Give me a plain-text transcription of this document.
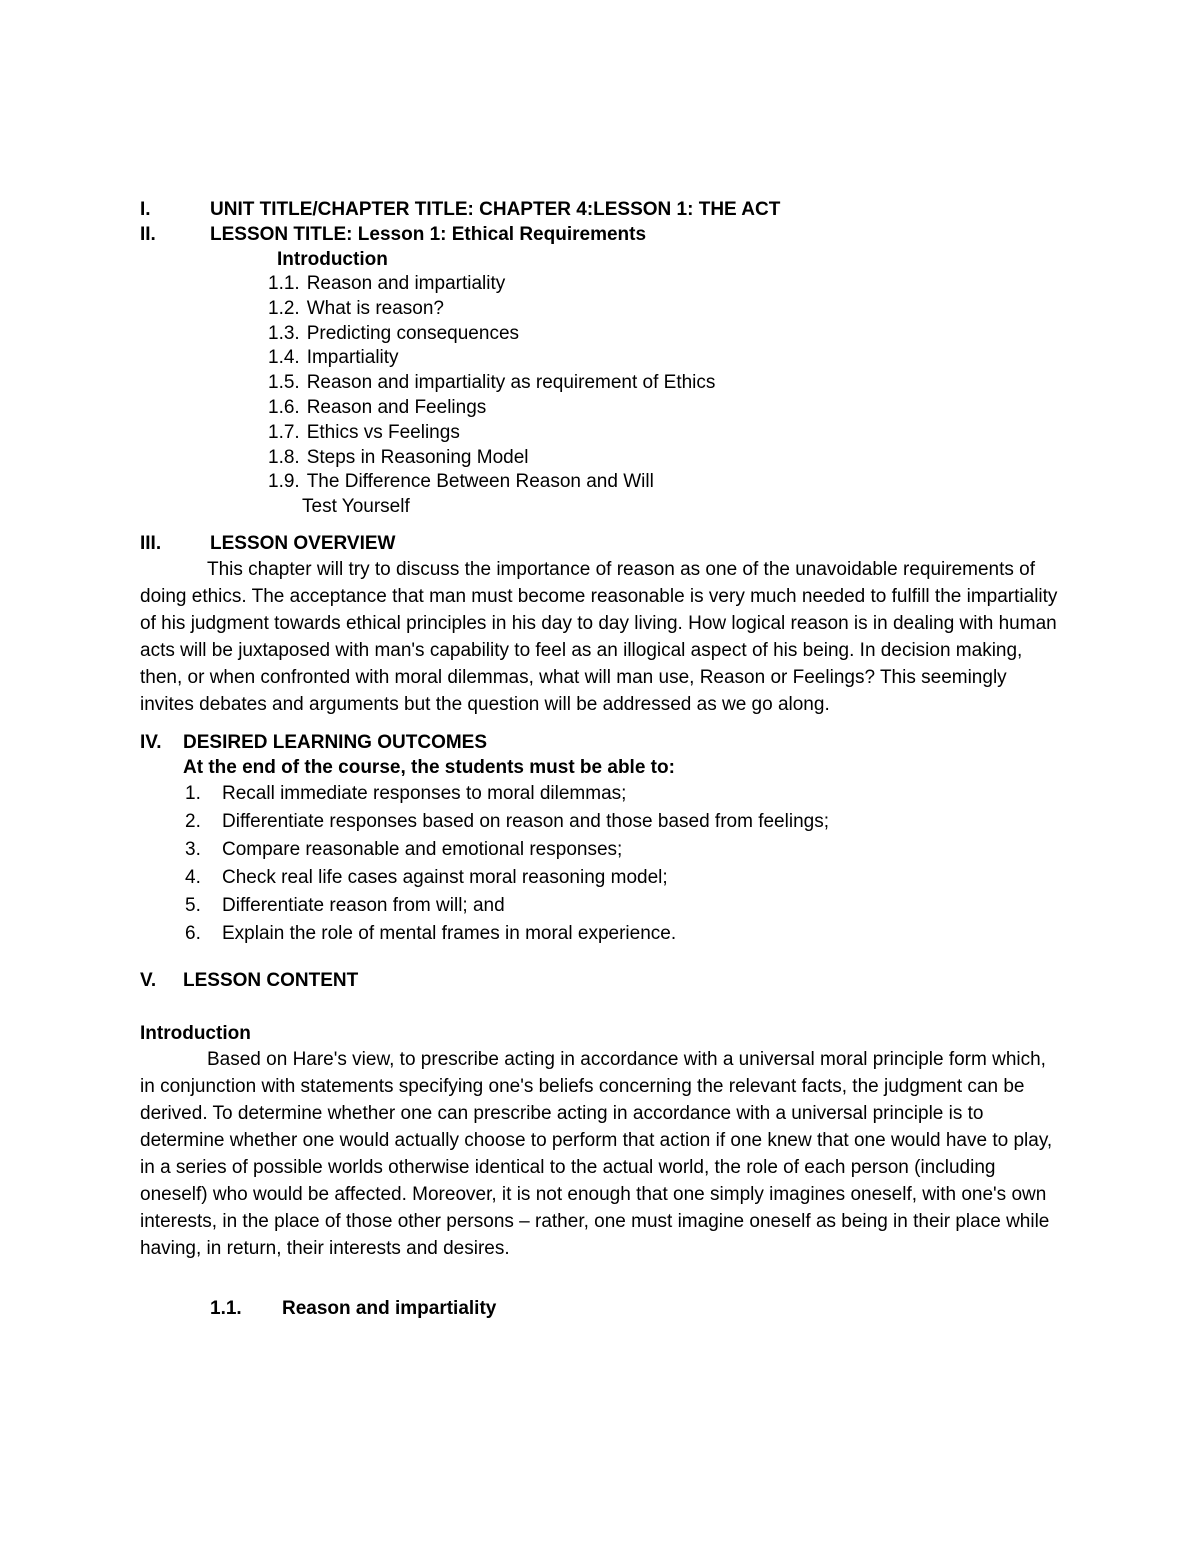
I.	UNIT TITLE/CHAPTER TITLE: CHAPTER 4:LESSON 1: THE ACT
II.	LESSON TITLE: Lesson 1: Ethical Requirements
Introduction
1.1. Reason and impartiality
1.2. What is reason?
1.3. Predicting consequences
1.4. Impartiality
1.5. Reason and impartiality as requirement of Ethics
1.6. Reason and Feelings
1.7. Ethics vs Feelings
1.8. Steps in Reasoning Model
1.9. The Difference Between Reason and Will
Test Yourself
III.	LESSON OVERVIEW

This chapter will try to discuss the importance of reason as one of the unavoidable requirements of doing ethics. The acceptance that man must become reasonable is very much needed to fulfill the impartiality of his judgment towards ethical principles in his day to day living. How logical reason is in dealing with human acts will be juxtaposed with man's capability to feel as an illogical aspect of his being. In decision making, then, or when confronted with moral dilemmas, what will man use, Reason or Feelings? This seemingly invites debates and arguments but the question will be addressed as we go along.

IV.	DESIRED LEARNING OUTCOMES
At the end of the course, the students must be able to:
1.	Recall immediate responses to moral dilemmas;
2.	Differentiate responses based on reason and those based from feelings;
3.	Compare reasonable and emotional responses;
4.	Check real life cases against moral reasoning model;
5.	Differentiate reason from will; and
6.	Explain the role of mental frames in moral experience.
V.	LESSON CONTENT
Introduction

Based on Hare's view, to prescribe acting in accordance with a universal moral principle form which, in conjunction with statements specifying one's beliefs concerning the relevant facts, the judgment can be derived. To determine whether one can prescribe acting in accordance with a universal principle is to determine whether one would actually choose to perform that action if one knew that one would have to play, in a series of possible worlds otherwise identical to the actual world, the role of each person (including oneself) who would be affected. Moreover, it is not enough that one simply imagines oneself, with one's own interests, in the place of those other persons – rather, one must imagine oneself as being in their place while having, in return, their interests and desires.

1.1.	Reason and impartiality
